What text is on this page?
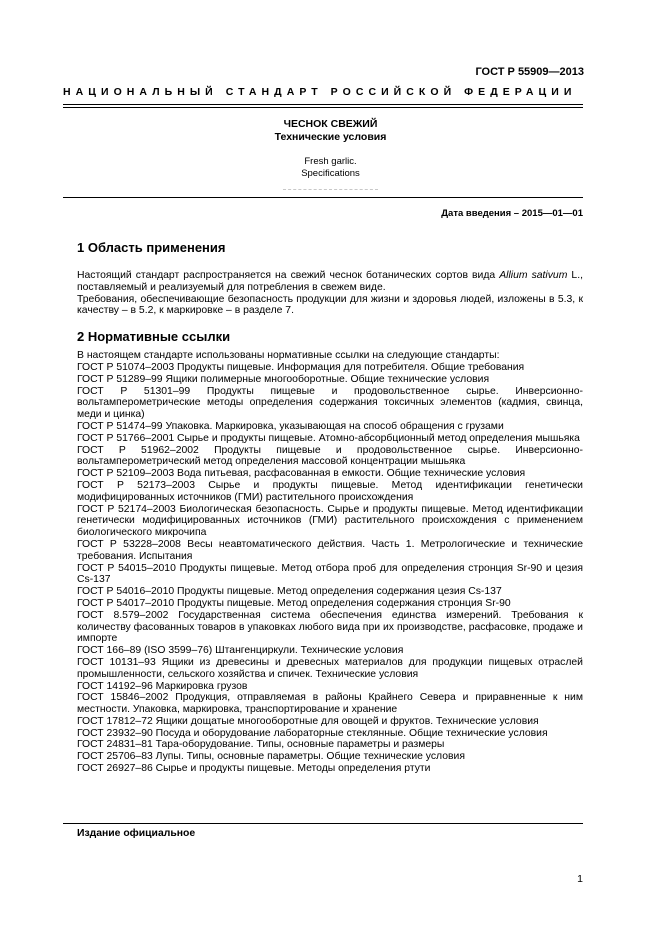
ГОСТ Р 55909—2013
НАЦИОНАЛЬНЫЙ СТАНДАРТ РОССИЙСКОЙ ФЕДЕРАЦИИ
ЧЕСНОК СВЕЖИЙ
Технические условия
Fresh garlic.
Specifications
Дата введения – 2015—01—01
1 Область применения

Настоящий стандарт распространяется на свежий чеснок ботанических сортов вида Allium sativum L., поставляемый и реализуемый для потребления в свежем виде.

Требования, обеспечивающие безопасность продукции для жизни и здоровья людей, изложены в 5.3, к качеству – в 5.2, к маркировке – в разделе 7.

2 Нормативные ссылки

В настоящем стандарте использованы нормативные ссылки на следующие стандарты:

ГОСТ Р 51074–2003 Продукты пищевые. Информация для потребителя. Общие требования

ГОСТ Р 51289–99 Ящики полимерные многооборотные. Общие технические условия

ГОСТ Р 51301–99 Продукты пищевые и продовольственное сырье. Инверсионно-вольтамперометрические методы определения содержания токсичных элементов (кадмия, свинца, меди и цинка)

ГОСТ Р 51474–99 Упаковка. Маркировка, указывающая на способ обращения с грузами

ГОСТ Р 51766–2001 Сырье и продукты пищевые. Атомно-абсорбционный метод определения мышьяка

ГОСТ Р 51962–2002 Продукты пищевые и продовольственное сырье. Инверсионно-вольтамперометрический метод определения массовой концентрации мышьяка

ГОСТ Р 52109–2003 Вода питьевая, расфасованная в емкости. Общие технические условия

ГОСТ Р 52173–2003 Сырье и продукты пищевые. Метод идентификации генетически модифицированных источников (ГМИ) растительного происхождения

ГОСТ Р 52174–2003 Биологическая безопасность. Сырье и продукты пищевые. Метод идентификации генетически модифицированных источников (ГМИ) растительного происхождения с применением биологического микрочипа

ГОСТ Р 53228–2008 Весы неавтоматического действия. Часть 1. Метрологические и технические требования. Испытания

ГОСТ Р 54015–2010 Продукты пищевые. Метод отбора проб для определения стронция Sr-90 и цезия Cs-137

ГОСТ Р 54016–2010 Продукты пищевые. Метод определения содержания цезия Cs-137

ГОСТ Р 54017–2010 Продукты пищевые. Метод определения содержания стронция Sr-90

ГОСТ 8.579–2002 Государственная система обеспечения единства измерений. Требования к количеству фасованных товаров в упаковках любого вида при их производстве, расфасовке, продаже и импорте

ГОСТ 166–89 (ISO 3599–76) Штангенциркули. Технические условия

ГОСТ 10131–93 Ящики из древесины и древесных материалов для продукции пищевых отраслей промышленности, сельского хозяйства и спичек. Технические условия

ГОСТ 14192–96 Маркировка грузов

ГОСТ 15846–2002 Продукция, отправляемая в районы Крайнего Севера и приравненные к ним местности. Упаковка, маркировка, транспортирование и хранение

ГОСТ 17812–72 Ящики дощатые многооборотные для овощей и фруктов. Технические условия

ГОСТ 23932–90 Посуда и оборудование лабораторные стеклянные. Общие технические условия

ГОСТ 24831–81 Тара-оборудование. Типы, основные параметры и размеры

ГОСТ 25706–83 Лупы. Типы, основные параметры. Общие технические условия

ГОСТ 26927–86 Сырье и продукты пищевые. Методы определения ртути

Издание официальное
1
